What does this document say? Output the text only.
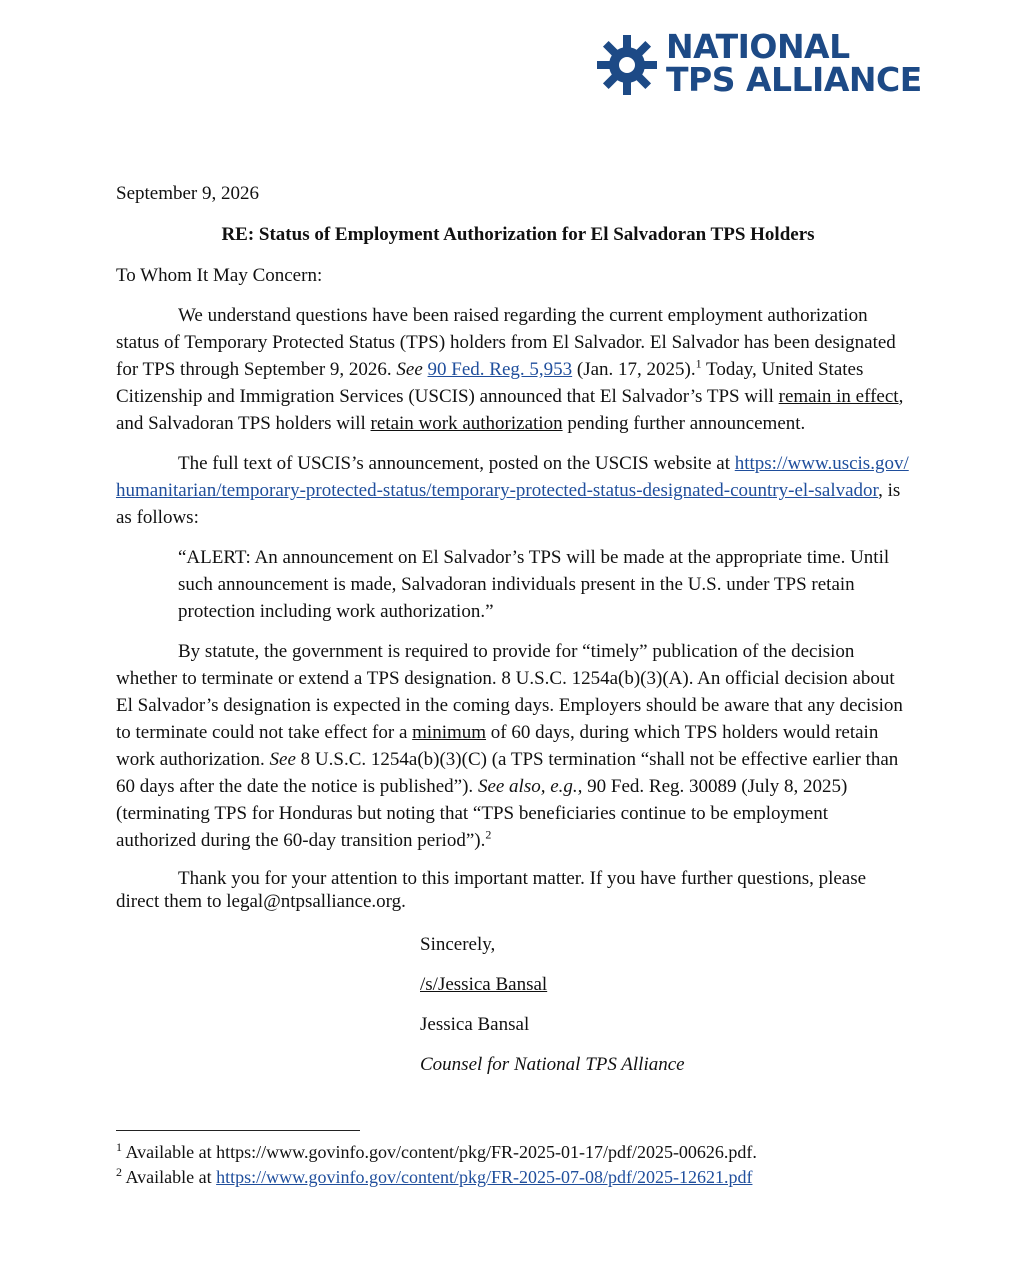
NATIONAL
TPS ALLIANCE

September 9, 2026

RE: Status of Employment Authorization for El Salvadoran TPS Holders

To Whom It May Concern:

We understand questions have been raised regarding the current employment authorization status of Temporary Protected Status (TPS) holders from El Salvador. El Salvador has been designated for TPS through September 9, 2026. See 90 Fed. Reg. 5,953 (Jan. 17, 2025).$^1$ Today, United States Citizenship and Immigration Services (USCIS) announced that El Salvador’s TPS will remain in effect, and Salvadoran TPS holders will retain work authorization pending further announcement.

The full text of USCIS’s announcement, posted on the USCIS website at https://www.uscis.gov/humanitarian/temporary-protected-status/temporary-protected-status-designated-country-el-salvador, is as follows:

“ALERT: An announcement on El Salvador’s TPS will be made at the appropriate time. Until such announcement is made, Salvadoran individuals present in the U.S. under TPS retain protection including work authorization.”

By statute, the government is required to provide for “timely” publication of the decision whether to terminate or extend a TPS designation. 8 U.S.C. 1254a(b)(3)(A). An official decision about El Salvador’s designation is expected in the coming days. Employers should be aware that any decision to terminate could not take effect for a minimum of 60 days, during which TPS holders would retain work authorization. See 8 U.S.C. 1254a(b)(3)(C) (a TPS termination “shall not be effective earlier than 60 days after the date the notice is published”). See also, e.g., 90 Fed. Reg. 30089 (July 8, 2025) (terminating TPS for Honduras but noting that “TPS beneficiaries continue to be employment authorized during the 60-day transition period”).$^2$

Thank you for your attention to this important matter. If you have further questions, please direct them to legal@ntpsalliance.org.

Sincerely,

/s/Jessica Bansal

Jessica Bansal

Counsel for National TPS Alliance

$^1$ Available at https://www.govinfo.gov/content/pkg/FR-2025-01-17/pdf/2025-00626.pdf.
$^2$ Available at https://www.govinfo.gov/content/pkg/FR-2025-07-08/pdf/2025-12621.pdf
